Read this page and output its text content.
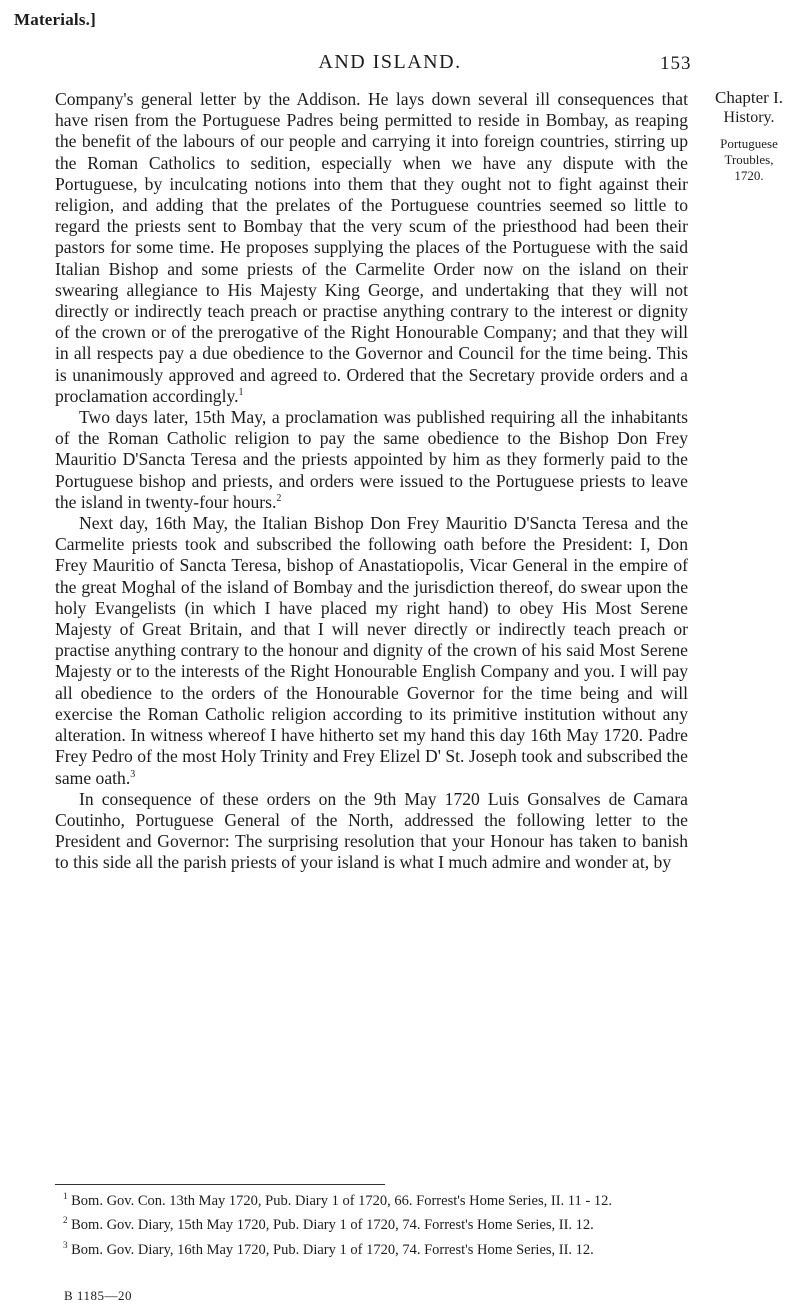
Materials.]
AND ISLAND.	153

Chapter I.

History.

Portuguese

Troubles,

1720.

Company's general letter by the Addison. He lays down several ill consequences that have risen from the Portuguese Padres being permitted to reside in Bombay, as reaping the benefit of the labours of our people and carrying it into foreign countries, stirring up the Roman Catholics to sedition, especially when we have any dispute with the Portuguese, by inculcating notions into them that they ought not to fight against their religion, and adding that the prelates of the Portuguese countries seemed so little to regard the priests sent to Bombay that the very scum of the priesthood had been their pastors for some time. He proposes supplying the places of the Portuguese with the said Italian Bishop and some priests of the Carmelite Order now on the island on their swearing allegiance to His Majesty King George, and undertaking that they will not directly or indirectly teach preach or practise anything contrary to the interest or dignity of the crown or of the prerogative of the Right Honourable Company; and that they will in all respects pay a due obedience to the Governor and Council for the time being. This is unanimously approved and agreed to. Ordered that the Secretary provide orders and a proclamation accordingly.$^1$

Two days later, 15th May, a proclamation was published requiring all the inhabitants of the Roman Catholic religion to pay the same obedience to the Bishop Don Frey Mauritio D'Sancta Teresa and the priests appointed by him as they formerly paid to the Portuguese bishop and priests, and orders were issued to the Portuguese priests to leave the island in twenty-four hours.$^2$

Next day, 16th May, the Italian Bishop Don Frey Mauritio D'Sancta Teresa and the Carmelite priests took and subscribed the following oath before the President: I, Don Frey Mauritio of Sancta Teresa, bishop of Anastatiopolis, Vicar General in the empire of the great Moghal of the island of Bombay and the jurisdiction thereof, do swear upon the holy Evangelists (in which I have placed my right hand) to obey His Most Serene Majesty of Great Britain, and that I will never directly or indirectly teach preach or practise anything contrary to the honour and dignity of the crown of his said Most Serene Majesty or to the interests of the Right Honourable English Company and you. I will pay all obedience to the orders of the Honourable Governor for the time being and will exercise the Roman Catholic religion according to its primitive institution without any alteration. In witness whereof I have hitherto set my hand this day 16th May 1720. Padre Frey Pedro of the most Holy Trinity and Frey Elizel D' St. Joseph took and subscribed the same oath.$^3$

In consequence of these orders on the 9th May 1720 Luis Gonsalves de Camara Coutinho, Portuguese General of the North, addressed the following letter to the President and Governor: The surprising resolution that your Honour has taken to banish to this side all the parish priests of your island is what I much admire and wonder at, by

$^1$ Bom. Gov. Con. 13th May 1720, Pub. Diary 1 of 1720, 66. Forrest's Home Series, II. 11 - 12.

$^2$ Bom. Gov. Diary, 15th May 1720, Pub. Diary 1 of 1720, 74. Forrest's Home Series, II. 12.

$^3$ Bom. Gov. Diary, 16th May 1720, Pub. Diary 1 of 1720, 74. Forrest's Home Series, II. 12.

B 1185—20
